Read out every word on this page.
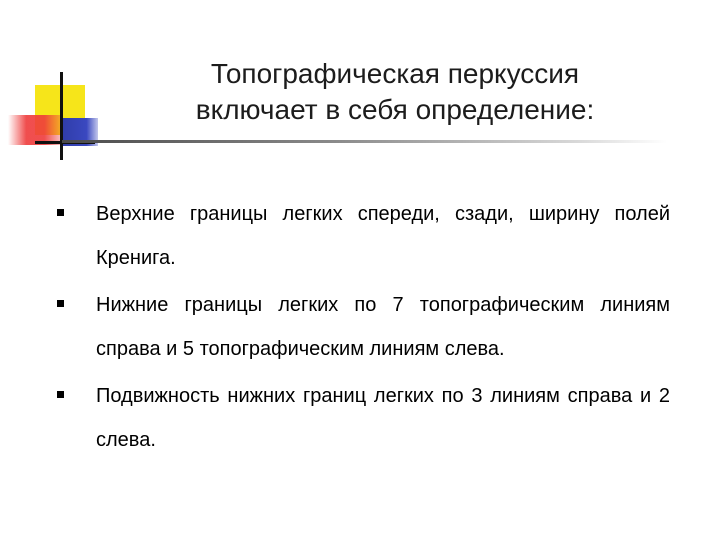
Топографическая перкуссия
включает в себя определение:
Верхние границы легких спереди, сзади, ширину полей Кренига.
Нижние границы легких по 7 топографическим линиям справа и 5 топографическим линиям слева.
Подвижность нижних границ легких по 3 линиям справа и 2 слева.
